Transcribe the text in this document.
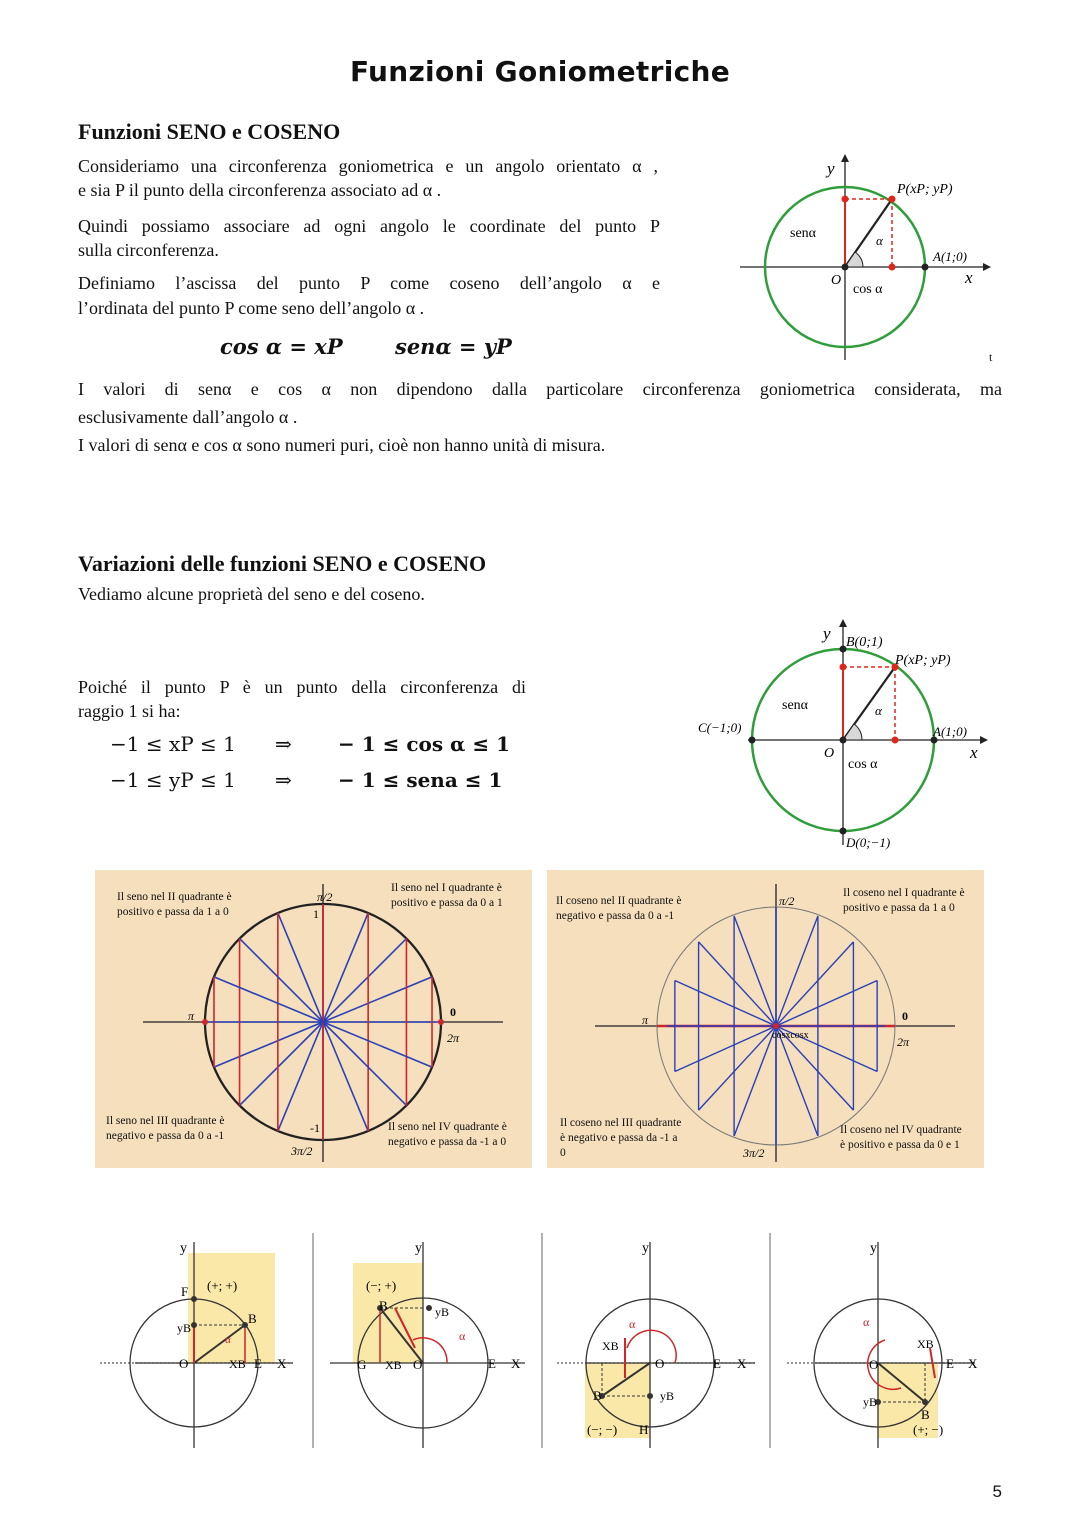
Funzioni Goniometriche
Funzioni SENO e COSENO
Consideriamo una circonferenza goniometrica e un angolo orientato α ,
e sia P il punto della circonferenza associato ad α .
Quindi possiamo associare ad ogni angolo le coordinate del punto P
sulla circonferenza.
Definiamo l’ascissa del punto P come coseno dell’angolo α e
l’ordinata del punto P come seno dell’angolo α .
cos α = xP senα = yP	t
I valori di senα e cos α non dipendono dalla particolare circonferenza goniometrica considerata, ma
esclusivamente dall’angolo α .
I valori di senα e cos α sono numeri puri, cioè non hanno unità di misura.
y
x
O
P(xP; yP)
A(1;0)
senα
cos α
α
Variazioni delle funzioni SENO e COSENO
Vediamo alcune proprietà del seno e del coseno.
Poiché il punto P è un punto della circonferenza di
raggio 1 si ha:
−1 ≤ xP ≤ 1 ⇒ − 1 ≤ cos α ≤ 1
−1 ≤ yP ≤ 1 ⇒ − 1 ≤ sena ≤ 1
y
x
O
B(0;1)
P(xP; yP)
C(−1;0)	A(1;0)
D(0;−1)
senα
cos α
α
π/2
1
π	0
2π
-1
3π/2
Il seno nel II quadrante è
positivo e passa da 1 a 0
Il seno nel I quadrante è
positivo e passa da 0 a 1
Il seno nel III quadrante è
negativo e passa da 0 a -1
Il seno nel IV quadrante è
negativo e passa da -1 a 0
π/2
π	0
2π
cosxcosx
3π/2
Il coseno nel II quadrante è
negativo e passa da 0 a -1
Il coseno nel I quadrante è
positivo e passa da 1 a 0
Il coseno nel III quadrante
è negativo e passa da -1 a
0
Il coseno nel IV quadrante
è positivo e passa da 0 e 1
y
F (+; +)
B
yB
O	XB E X
α
y
(−; +)
B	yB
G XB O	E X
α
y
XB
B
O
yB
E X
(−; −) H
α
y
XB
O
yB
B
E X
(+; −)
α
5
